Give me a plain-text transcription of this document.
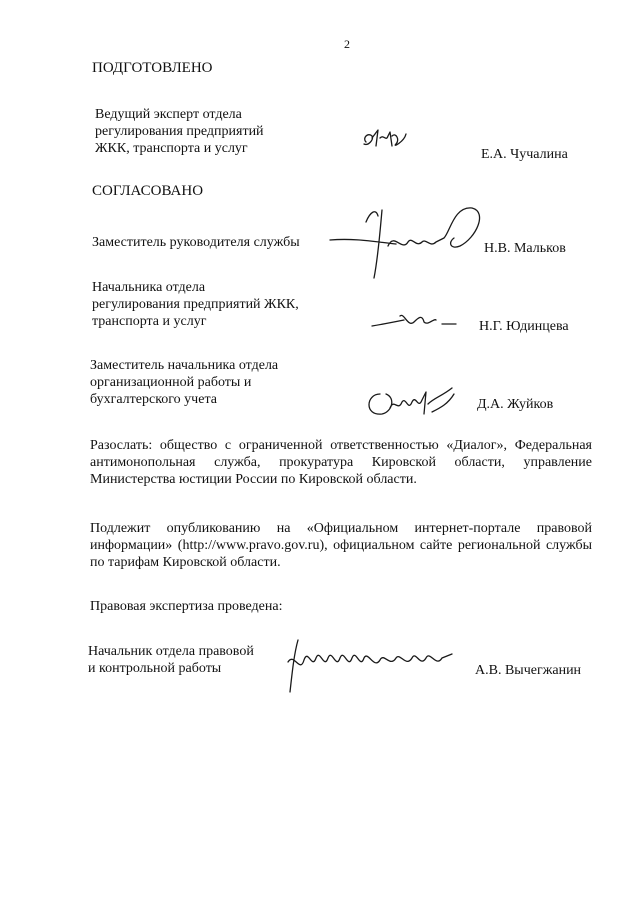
2
ПОДГОТОВЛЕНО
Ведущий эксперт отдела
регулирования предприятий
ЖКК, транспорта и услуг	Е.А. Чучалина
СОГЛАСОВАНО
Заместитель руководителя службы	Н.В. Мальков
Начальника отдела
регулирования предприятий ЖКК,
транспорта и услуг	Н.Г. Юдинцева
Заместитель начальника отдела
организационной работы и
бухгалтерского учета	Д.А. Жуйков
Разослать: общество с ограниченной ответственностью «Диалог», Федеральная антимонопольная служба, прокуратура Кировской области, управление Министерства юстиции России по Кировской области.
Подлежит опубликованию на «Официальном интернет-портале правовой информации» (http://www.pravo.gov.ru), официальном сайте региональной службы по тарифам Кировской области.
Правовая экспертиза проведена:
Начальник отдела правовой
и контрольной работы	А.В. Вычегжанин
